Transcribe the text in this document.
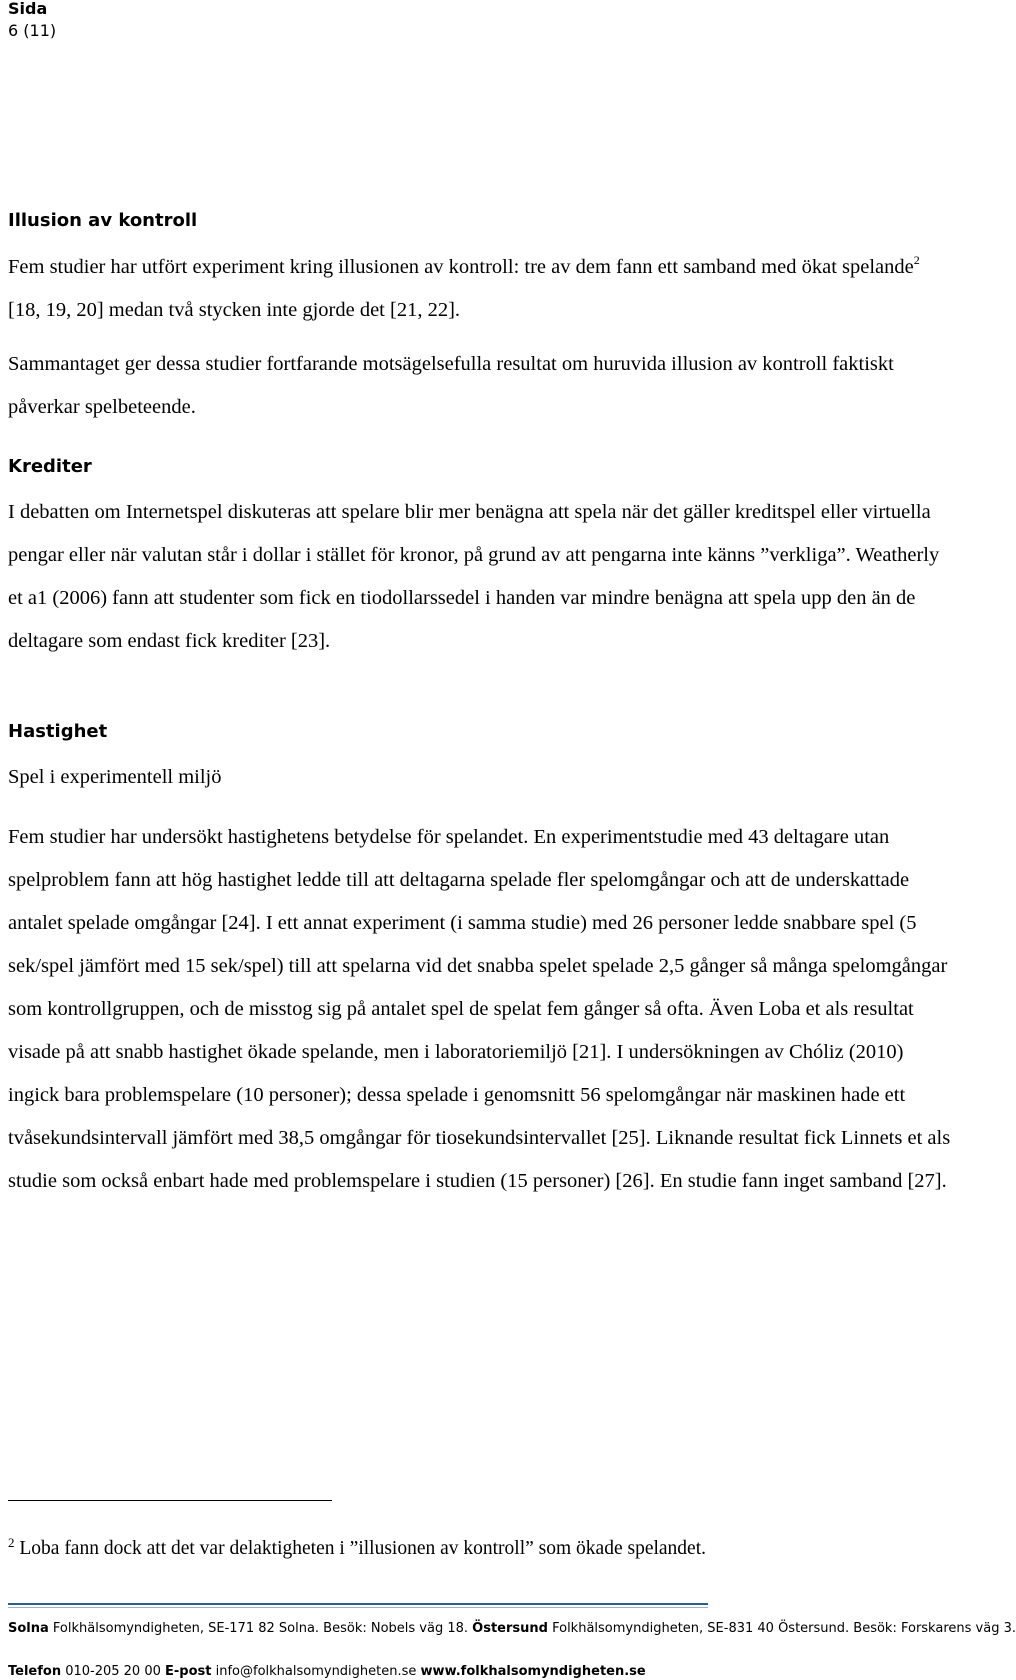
Sida
6 (11)
Illusion av kontroll

Fem studier har utfört experiment kring illusionen av kontroll: tre av dem fann ett samband med ökat spelande$^2$ [18, 19, 20] medan två stycken inte gjorde det [21, 22].

Sammantaget ger dessa studier fortfarande motsägelsefulla resultat om huruvida illusion av kontroll faktiskt påverkar spelbeteende.

Krediter

I debatten om Internetspel diskuteras att spelare blir mer benägna att spela när det gäller kreditspel eller virtuella pengar eller när valutan står i dollar i stället för kronor, på grund av att pengarna inte känns ”verkliga”. Weatherly et a1 (2006) fann att studenter som fick en tiodollarssedel i handen var mindre benägna att spela upp den än de deltagare som endast fick krediter [23].

Hastighet

Spel i experimentell miljö

Fem studier har undersökt hastighetens betydelse för spelandet. En experimentstudie med 43 deltagare utan spelproblem fann att hög hastighet ledde till att deltagarna spelade fler spelomgångar och att de underskattade antalet spelade omgångar [24]. I ett annat experiment (i samma studie) med 26 personer ledde snabbare spel (5 sek/spel jämfört med 15 sek/spel) till att spelarna vid det snabba spelet spelade 2,5 gånger så många spelomgångar som kontrollgruppen, och de misstog sig på antalet spel de spelat fem gånger så ofta. Även Loba et als resultat visade på att snabb hastighet ökade spelande, men i laboratoriemiljö [21]. I undersökningen av Chóliz (2010) ingick bara problemspelare (10 personer); dessa spelade i genomsnitt 56 spelomgångar när maskinen hade ett tvåsekundsintervall jämfört med 38,5 omgångar för tiosekundsintervallet [25]. Liknande resultat fick Linnets et als studie som också enbart hade med problemspelare i studien (15 personer) [26]. En studie fann inget samband [27].

$^2$ Loba fann dock att det var delaktigheten i ”illusionen av kontroll” som ökade spelandet.
Solna Folkhälsomyndigheten, SE-171 82 Solna. Besök: Nobels väg 18. Östersund Folkhälsomyndigheten, SE-831 40 Östersund. Besök: Forskarens väg 3.
Telefon 010-205 20 00 E-post info@folkhalsomyndigheten.se www.folkhalsomyndigheten.se
